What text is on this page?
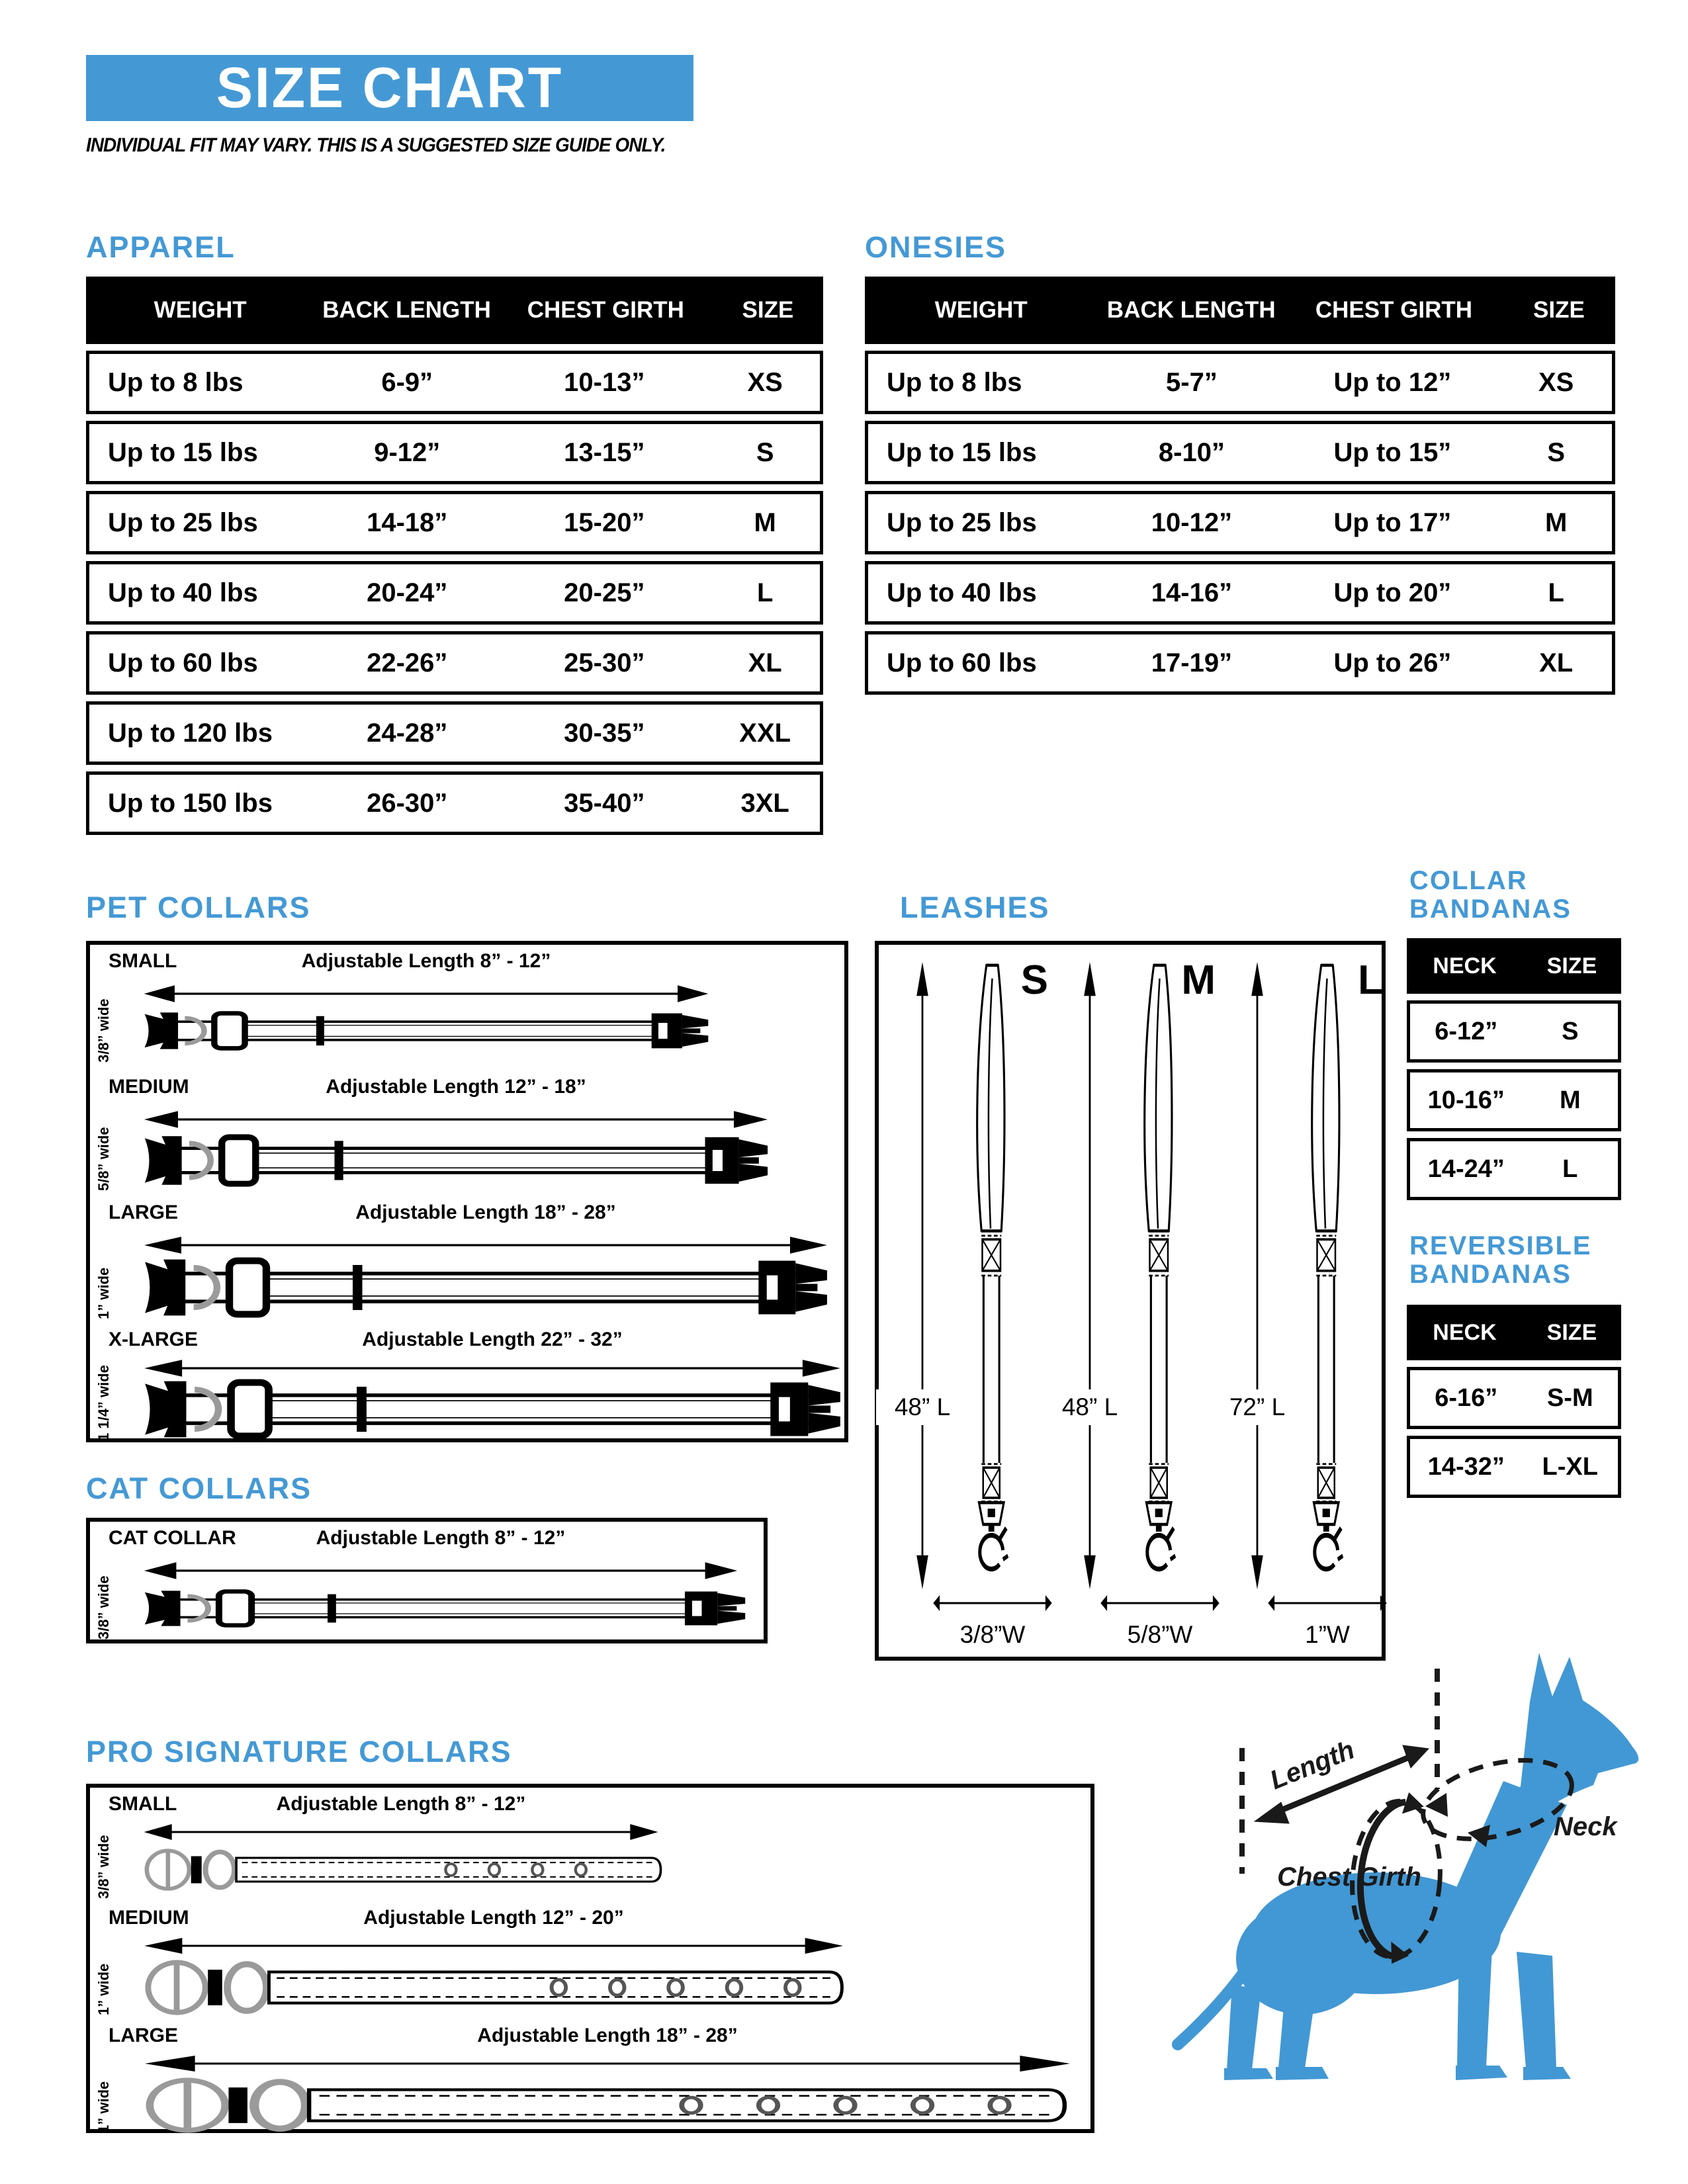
SIZE CHART
INDIVIDUAL FIT MAY VARY. THIS IS A SUGGESTED SIZE GUIDE ONLY.
APPAREL
WEIGHT	BACK LENGTH	CHEST GIRTH	SIZE
Up to 8 lbs	6-9”	10-13”	XS
Up to 15 lbs	9-12”	13-15”	S
Up to 25 lbs	14-18”	15-20”	M
Up to 40 lbs	20-24”	20-25”	L
Up to 60 lbs	22-26”	25-30”	XL
Up to 120 lbs	24-28”	30-35”	XXL
Up to 150 lbs	26-30”	35-40”	3XL
ONESIES
WEIGHT	BACK LENGTH	CHEST GIRTH	SIZE
Up to 8 lbs	5-7”	Up to 12”	XS
Up to 15 lbs	8-10”	Up to 15”	S
Up to 25 lbs	10-12”	Up to 17”	M
Up to 40 lbs	14-16”	Up to 20”	L
Up to 60 lbs	17-19”	Up to 26”	XL
PET COLLARS
SMALL	Adjustable Length 8” - 12”
3/8” wide
MEDIUM	Adjustable Length 12” - 18”
5/8” wide
LARGE	Adjustable Length 18” - 28”
1” wide
X-LARGE	Adjustable Length 22” - 32”
1 1/4” wide
LEASHES
S
48” L
3/8”W
M
48” L
5/8”W
L
72” L
1”W
COLLAR
BANDANAS
NECK	SIZE
6-12”	S
10-16”	M
14-24”	L
REVERSIBLE
BANDANAS
NECK	SIZE
6-16”	S-M
14-32”	L-XL
CAT COLLARS
CAT COLLAR	Adjustable Length 8” - 12”
3/8” wide
PRO SIGNATURE COLLARS
SMALL	Adjustable Length 8” - 12”
3/8” wide
MEDIUM	Adjustable Length 12” - 20”
1” wide
LARGE	Adjustable Length 18” - 28”
1” wide
Length
Neck
Chest Girth
